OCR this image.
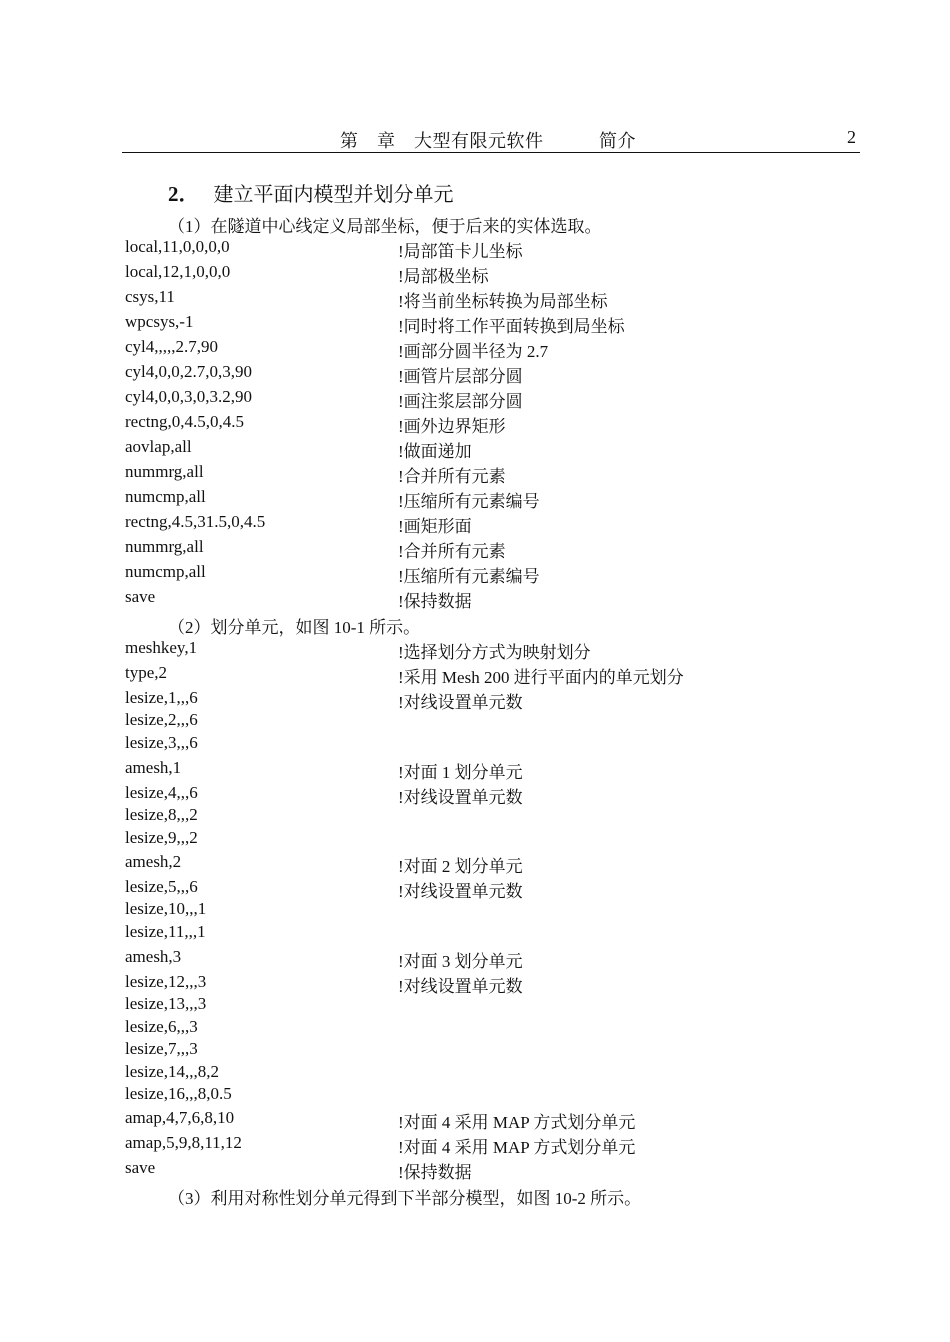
第　章　大型有限元软件　　　简介	2
2． 建立平面内模型并划分单元
（1）在隧道中心线定义局部坐标，便于后来的实体选取。
local,11,0,0,0,0	!局部笛卡儿坐标
local,12,1,0,0,0	!局部极坐标
csys,11	!将当前坐标转换为局部坐标
wpcsys,-1	!同时将工作平面转换到局坐标
cyl4,,,,,2.7,90	!画部分圆半径为 2.7
cyl4,0,0,2.7,0,3,90	!画管片层部分圆
cyl4,0,0,3,0,3.2,90	!画注浆层部分圆
rectng,0,4.5,0,4.5	!画外边界矩形
aovlap,all	!做面递加
nummrg,all	!合并所有元素
numcmp,all	!压缩所有元素编号
rectng,4.5,31.5,0,4.5	!画矩形面
nummrg,all	!合并所有元素
numcmp,all	!压缩所有元素编号
save	!保持数据
（2）划分单元，如图 10-1 所示。
meshkey,1	!选择划分方式为映射划分
type,2	!采用 Mesh 200 进行平面内的单元划分
lesize,1,,,6	!对线设置单元数
lesize,2,,,6
lesize,3,,,6
amesh,1	!对面 1 划分单元
lesize,4,,,6	!对线设置单元数
lesize,8,,,2
lesize,9,,,2
amesh,2	!对面 2 划分单元
lesize,5,,,6	!对线设置单元数
lesize,10,,,1
lesize,11,,,1
amesh,3	!对面 3 划分单元
lesize,12,,,3	!对线设置单元数
lesize,13,,,3
lesize,6,,,3
lesize,7,,,3
lesize,14,,,8,2
lesize,16,,,8,0.5
amap,4,7,6,8,10	!对面 4 采用 MAP 方式划分单元
amap,5,9,8,11,12	!对面 4 采用 MAP 方式划分单元
save	!保持数据
（3）利用对称性划分单元得到下半部分模型，如图 10-2 所示。
